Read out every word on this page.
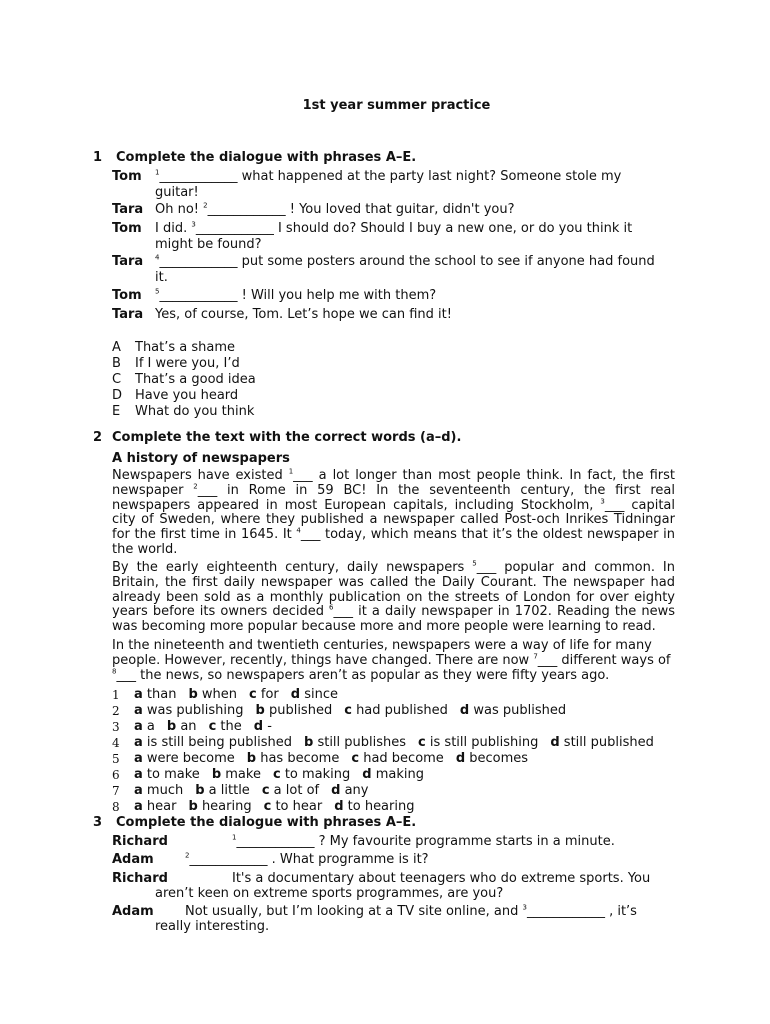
1st year summer practice
1 Complete the dialogue with phrases A–E.
Tom $^1$____________ what happened at the party last night? Someone stole my
guitar!
Tara Oh no! $^2$____________ ! You loved that guitar, didn't you?
Tom I did. $^3$____________ I should do? Should I buy a new one, or do you think it
might be found?
Tara $^4$____________ put some posters around the school to see if anyone had found
it.
Tom $^5$____________ ! Will you help me with them?
Tara Yes, of course, Tom. Let’s hope we can find it!
A That’s a shame
B If I were you, I’d
C That’s a good idea
D Have you heard
E What do you think
2 Complete the text with the correct words (a–d).
A history of newspapers
Newspapers have existed $^1$___ a lot longer than most people think. In fact, the first newspaper $^2$___ in Rome in 59 BC! In the seventeenth century, the first real newspapers appeared in most European capitals, including Stockholm, $^3$___ capital city of Sweden, where they published a newspaper called Post-och Inrikes Tidningar for the first time in 1645. It $^4$___ today, which means that it’s the oldest newspaper in the world.
By the early eighteenth century, daily newspapers $^5$___ popular and common. In Britain, the first daily newspaper was called the Daily Courant. The newspaper had already been sold as a monthly publication on the streets of London for over eighty years before its owners decided $^6$___ it a daily newspaper in 1702. Reading the news was becoming more popular because more and more people were learning to read.
In the nineteenth and twentieth centuries, newspapers were a way of life for many people. However, recently, things have changed. There are now $^7$___ different ways of $^8$___ the news, so newspapers aren’t as popular as they were fifty years ago.
1 a than b when c for d since
2 a was publishing b published c had published d was published
3 a a b an c the d -
4 a is still being published b still publishes c is still publishing d still published
5 a were become b has become c had become d becomes
6 a to make b make c to making d making
7 a much b a little c a lot of d any
8 a hear b hearing c to hear d to hearing
3 Complete the dialogue with phrases A–E.
Richard	$^1$____________ ? My favourite programme starts in a minute.
Adam	$^2$____________ . What programme is it?
Richard	It's a documentary about teenagers who do extreme sports. You
aren’t keen on extreme sports programmes, are you?
Adam Not usually, but I’m looking at a TV site online, and $^3$____________ , it’s
really interesting.
